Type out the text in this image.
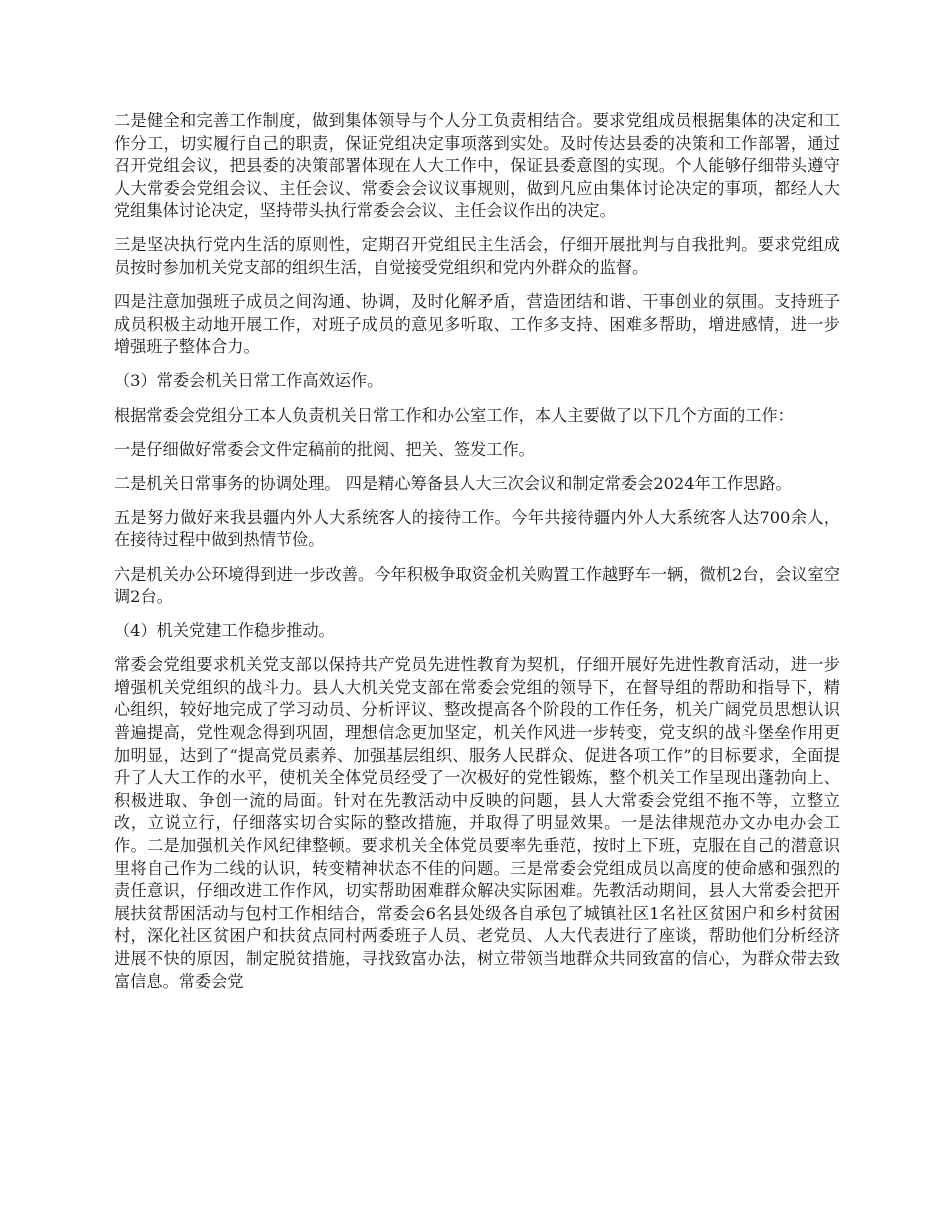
二是健全和完善工作制度，做到集体领导与个人分工负责相结合。要求党组成员根据集体的决定和工作分工，切实履行自己的职责，保证党组决定事项落到实处。及时传达县委的决策和工作部署，通过召开党组会议，把县委的决策部署体现在人大工作中，保证县委意图的实现。个人能够仔细带头遵守人大常委会党组会议、主任会议、常委会会议议事规则，做到凡应由集体讨论决定的事项，都经人大党组集体讨论决定，坚持带头执行常委会会议、主任会议作出的决定。

三是坚决执行党内生活的原则性，定期召开党组民主生活会，仔细开展批判与自我批判。要求党组成员按时参加机关党支部的组织生活，自觉接受党组织和党内外群众的监督。

四是注意加强班子成员之间沟通、协调，及时化解矛盾，营造团结和谐、干事创业的氛围。支持班子成员积极主动地开展工作，对班子成员的意见多听取、工作多支持、困难多帮助，增进感情，进一步增强班子整体合力。

（3）常委会机关日常工作高效运作。

根据常委会党组分工本人负责机关日常工作和办公室工作，本人主要做了以下几个方面的工作：

一是仔细做好常委会文件定稿前的批阅、把关、签发工作。

二是机关日常事务的协调处理。 四是精心筹备县人大三次会议和制定常委会2024年工作思路。

五是努力做好来我县疆内外人大系统客人的接待工作。今年共接待疆内外人大系统客人达700余人，在接待过程中做到热情节俭。

六是机关办公环境得到进一步改善。今年积极争取资金机关购置工作越野车一辆，微机2台，会议室空调2台。

（4）机关党建工作稳步推动。

常委会党组要求机关党支部以保持共产党员先进性教育为契机，仔细开展好先进性教育活动，进一步增强机关党组织的战斗力。县人大机关党支部在常委会党组的领导下，在督导组的帮助和指导下，精心组织，较好地完成了学习动员、分析评议、整改提高各个阶段的工作任务，机关广阔党员思想认识普遍提高，党性观念得到巩固，理想信念更加坚定，机关作风进一步转变，党支织的战斗堡垒作用更加明显，达到了“提高党员素养、加强基层组织、服务人民群众、促进各项工作”的目标要求，全面提升了人大工作的水平，使机关全体党员经受了一次极好的党性锻炼，整个机关工作呈现出蓬勃向上、积极进取、争创一流的局面。针对在先教活动中反映的问题，县人大常委会党组不拖不等，立整立改，立说立行，仔细落实切合实际的整改措施，并取得了明显效果。一是法律规范办文办电办会工作。二是加强机关作风纪律整顿。要求机关全体党员要率先垂范，按时上下班，克服在自己的潜意识里将自己作为二线的认识，转变精神状态不佳的问题。三是常委会党组成员以高度的使命感和强烈的责任意识，仔细改进工作作风，切实帮助困难群众解决实际困难。先教活动期间，县人大常委会把开展扶贫帮困活动与包村工作相结合，常委会6名县处级各自承包了城镇社区1名社区贫困户和乡村贫困村，深化社区贫困户和扶贫点同村两委班子人员、老党员、人大代表进行了座谈，帮助他们分析经济进展不快的原因，制定脱贫措施，寻找致富办法，树立带领当地群众共同致富的信心，为群众带去致富信息。常委会党
